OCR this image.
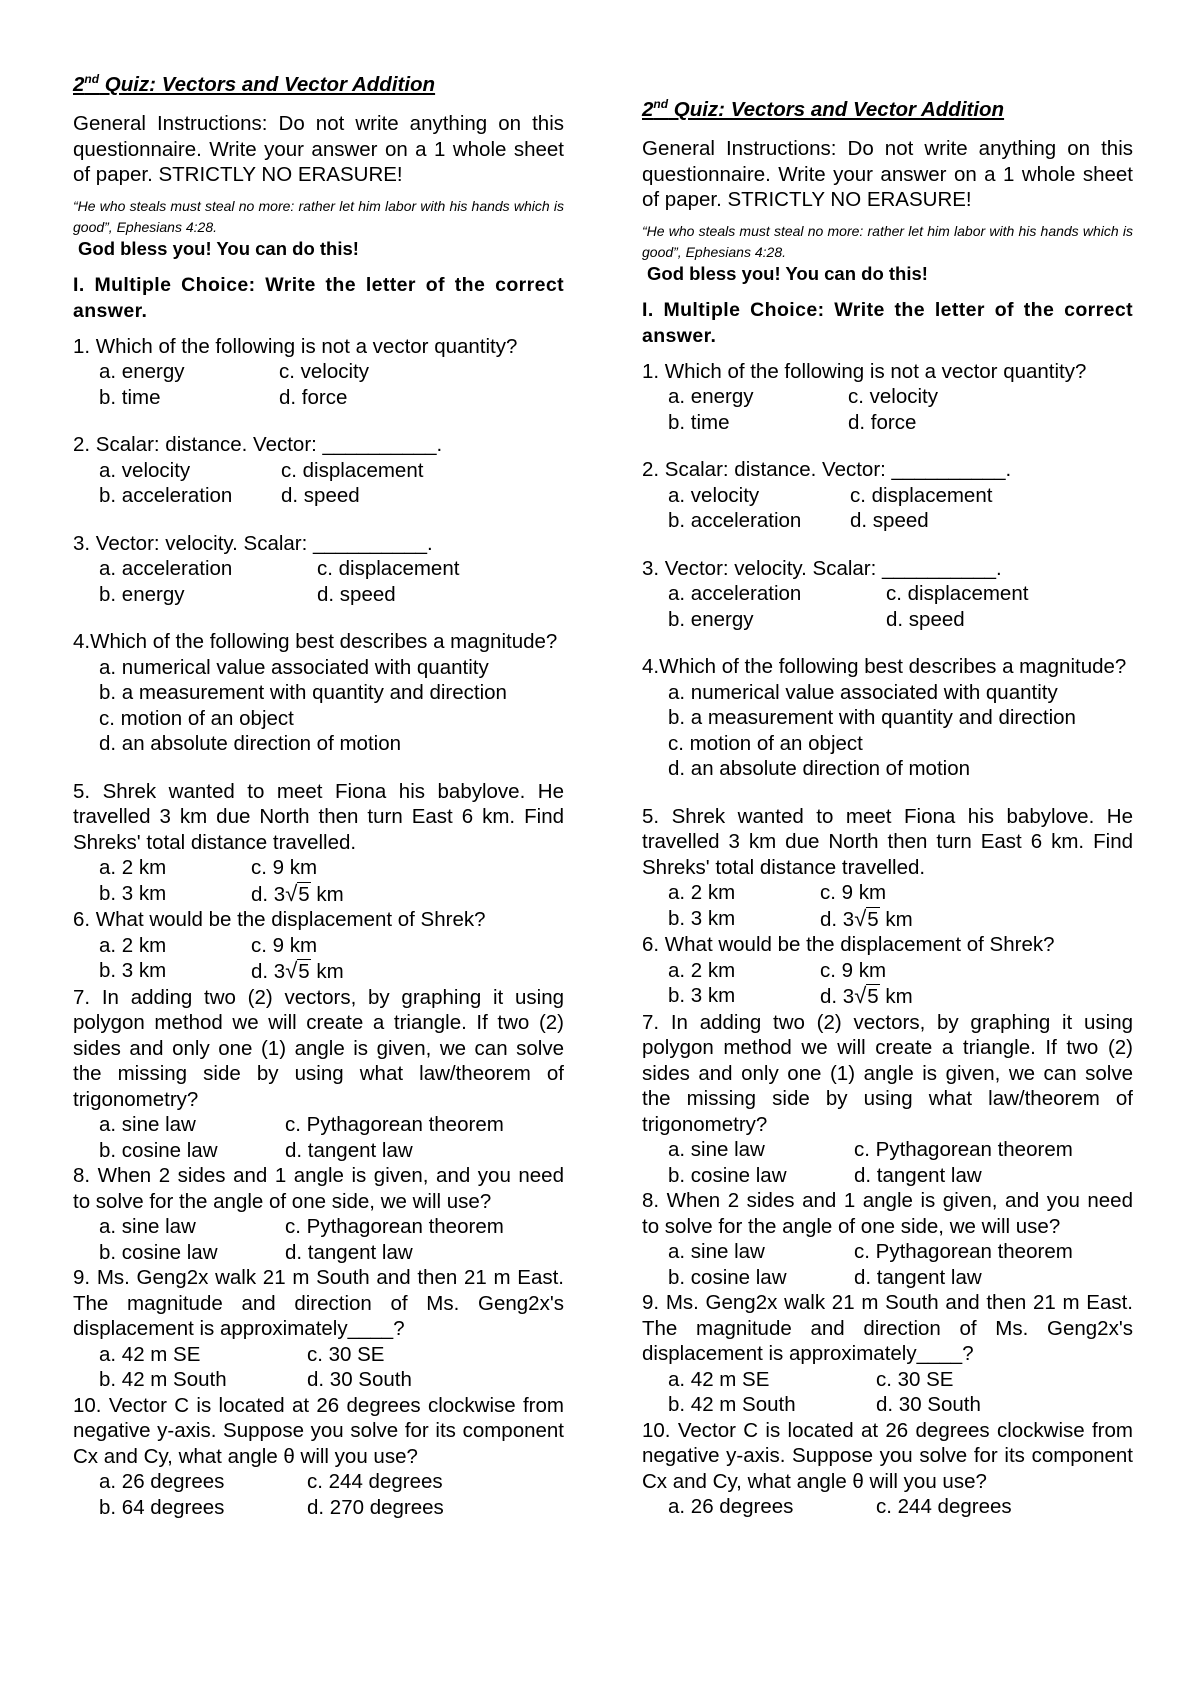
2nd Quiz: Vectors and Vector Addition

General Instructions: Do not write anything on this questionnaire. Write your answer on a 1 whole sheet of paper. STRICTLY NO ERASURE!

“He who steals must steal no more: rather let him labor with his hands which is good”, Ephesians 4:28.

God bless you! You can do this!

I. Multiple Choice: Write the letter of the correct answer.

1. Which of the following is not a vector quantity?

a. energy	c. velocity
b. time	d. force

2. Scalar: distance. Vector: __________.

a. velocity	c. displacement
b. acceleration	d. speed

3. Vector: velocity. Scalar: __________.

a. acceleration	c. displacement
b. energy	d. speed

4.Which of the following best describes a magnitude?

a. numerical value associated with quantity
b. a measurement with quantity and direction
c. motion of an object
d. an absolute direction of motion

5. Shrek wanted to meet Fiona his babylove. He travelled 3 km due North then turn East 6 km. Find Shreks' total distance travelled.

a. 2 km	c. 9 km
b. 3 km	d. 3√5 km

6. What would be the displacement of Shrek?

a. 2 km	c. 9 km
b. 3 km	d. 3√5 km

7. In adding two (2) vectors, by graphing it using polygon method we will create a triangle. If two (2) sides and only one (1) angle is given, we can solve the missing side by using what law/theorem of trigonometry?

a. sine law	c. Pythagorean theorem
b. cosine law	d. tangent law

8. When 2 sides and 1 angle is given, and you need to solve for the angle of one side, we will use?

a. sine law	c. Pythagorean theorem
b. cosine law	d. tangent law

9. Ms. Geng2x walk 21 m South and then 21 m East. The magnitude and direction of Ms. Geng2x's displacement is approximately____?

a. 42 m SE	c. 30 SE
b. 42 m South	d. 30 South

10. Vector C is located at 26 degrees clockwise from negative y-axis. Suppose you solve for its component Cx and Cy, what angle θ will you use?

a. 26 degrees	c. 244 degrees
b. 64 degrees	d. 270 degrees
2nd Quiz: Vectors and Vector Addition

General Instructions: Do not write anything on this questionnaire. Write your answer on a 1 whole sheet of paper. STRICTLY NO ERASURE!

“He who steals must steal no more: rather let him labor with his hands which is good”, Ephesians 4:28.

God bless you! You can do this!

I. Multiple Choice: Write the letter of the correct answer.

1. Which of the following is not a vector quantity?

a. energy	c. velocity
b. time	d. force

2. Scalar: distance. Vector: __________.

a. velocity	c. displacement
b. acceleration	d. speed

3. Vector: velocity. Scalar: __________.

a. acceleration	c. displacement
b. energy	d. speed

4.Which of the following best describes a magnitude?

a. numerical value associated with quantity
b. a measurement with quantity and direction
c. motion of an object
d. an absolute direction of motion

5. Shrek wanted to meet Fiona his babylove. He travelled 3 km due North then turn East 6 km. Find Shreks' total distance travelled.

a. 2 km	c. 9 km
b. 3 km	d. 3√5 km

6. What would be the displacement of Shrek?

a. 2 km	c. 9 km
b. 3 km	d. 3√5 km

7. In adding two (2) vectors, by graphing it using polygon method we will create a triangle. If two (2) sides and only one (1) angle is given, we can solve the missing side by using what law/theorem of trigonometry?

a. sine law	c. Pythagorean theorem
b. cosine law	d. tangent law

8. When 2 sides and 1 angle is given, and you need to solve for the angle of one side, we will use?

a. sine law	c. Pythagorean theorem
b. cosine law	d. tangent law

9. Ms. Geng2x walk 21 m South and then 21 m East. The magnitude and direction of Ms. Geng2x's displacement is approximately____?

a. 42 m SE	c. 30 SE
b. 42 m South	d. 30 South

10. Vector C is located at 26 degrees clockwise from negative y-axis. Suppose you solve for its component Cx and Cy, what angle θ will you use?

a. 26 degrees	c. 244 degrees
